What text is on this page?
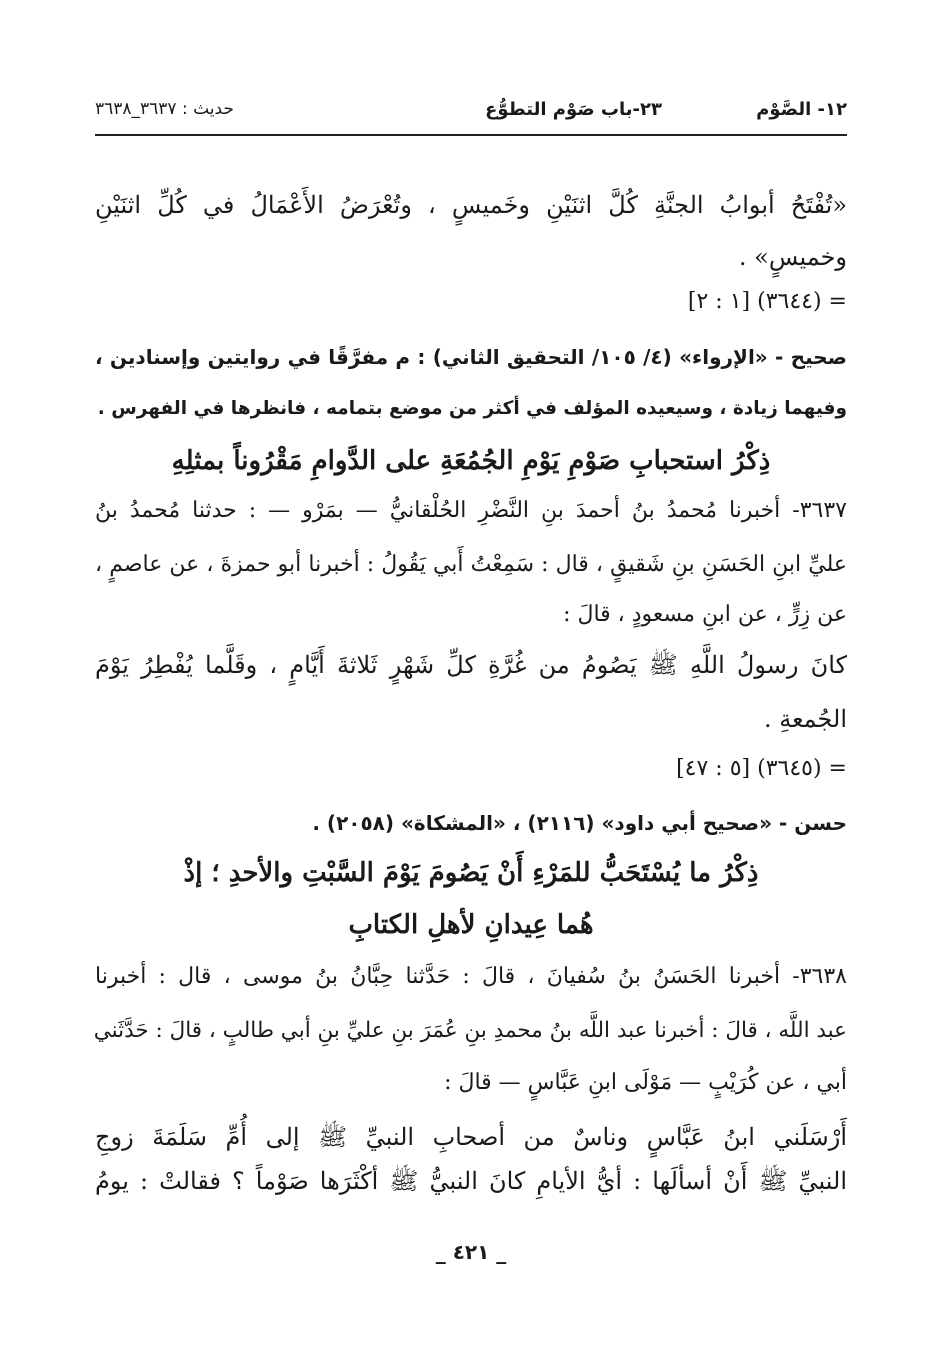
١٢- الصَّوْم
٢٣-باب صَوْم التطوُّع
حديث : ٣٦٣٧_٣٦٣٨
«تُفْتَحُ أبوابُ الجنَّةِ كُلَّ اثنَيْنِ وخَميسٍ ، وتُعْرَضُ الأَعْمَالُ في كُلِّ اثنَيْنِ
وخميسٍ» .
= (٣٦٤٤) [١ : ٢]
صحيح - «الإرواء» (٤/ ١٠٥/ التحقيق الثاني) : م مفرَّقًا في روايتين وإسنادين ،
وفيهما زيادة ، وسيعيده المؤلف في أكثر من موضع بتمامه ، فانظرها في الفهرس .
ذِكْرُ استحبابِ صَوْمِ يَوْمِ الجُمُعَةِ على الدَّوامِ مَقْرُوناً بمثلِهِ
٣٦٣٧- أخبرنا مُحمدُ بنُ أحمدَ بنِ النَّضْرِ الحُلْقانيُّ — بمَرْو — : حدثنا مُحمدُ بنُ
عليِّ ابنِ الحَسَنِ بنِ شَقيقٍ ، قال : سَمِعْتُ أَبي يَقُولُ : أخبرنا أبو حمزةَ ، عن عاصمٍ ،
عن زِرٍّ ، عن ابنِ مسعودٍ ، قالَ :
كانَ رسولُ اللَّهِ ﷺ يَصُومُ من غُرَّةِ كلِّ شَهْرٍ ثَلاثةَ أَيَّامٍ ، وقَلَّما يُفْطِرُ يَوْمَ
الجُمعةِ .
= (٣٦٤٥) [٥ : ٤٧]
حسن - «صحيح أبي داود» (٢١١٦) ، «المشكاة» (٢٠٥٨) .
ذِكْرُ ما يُسْتَحَبُّ للمَرْءِ أَنْ يَصُومَ يَوْمَ السَّبْتِ والأحدِ ؛ إذْ
هُما عِيدانِ لأهلِ الكتابِ
٣٦٣٨- أخبرنا الحَسَنُ بنُ سُفيانَ ، قالَ : حَدَّثنا حِبَّانُ بنُ موسى ، قال : أخبرنا
عبد اللَّه ، قالَ : أخبرنا عبد اللَّه بنُ محمدِ بنِ عُمَرَ بنِ عليِّ بنِ أبي طالبٍ ، قالَ : حَدَّثَني
أبي ، عن كُرَيْبٍ — مَوْلَى ابنِ عَبَّاسٍ — قالَ :
أَرْسَلَني ابنُ عَبَّاسٍ وناسٌ من أصحابِ النبيِّ ﷺ إلى أُمِّ سَلَمَةَ زوجِ
النبيِّ ﷺ أَنْ أسألَها : أيُّ الأيامِ كانَ النبيُّ ﷺ أكْثَرَها صَوْماً ؟ فقالتْ : يومُ
_ ٤٢١ _
